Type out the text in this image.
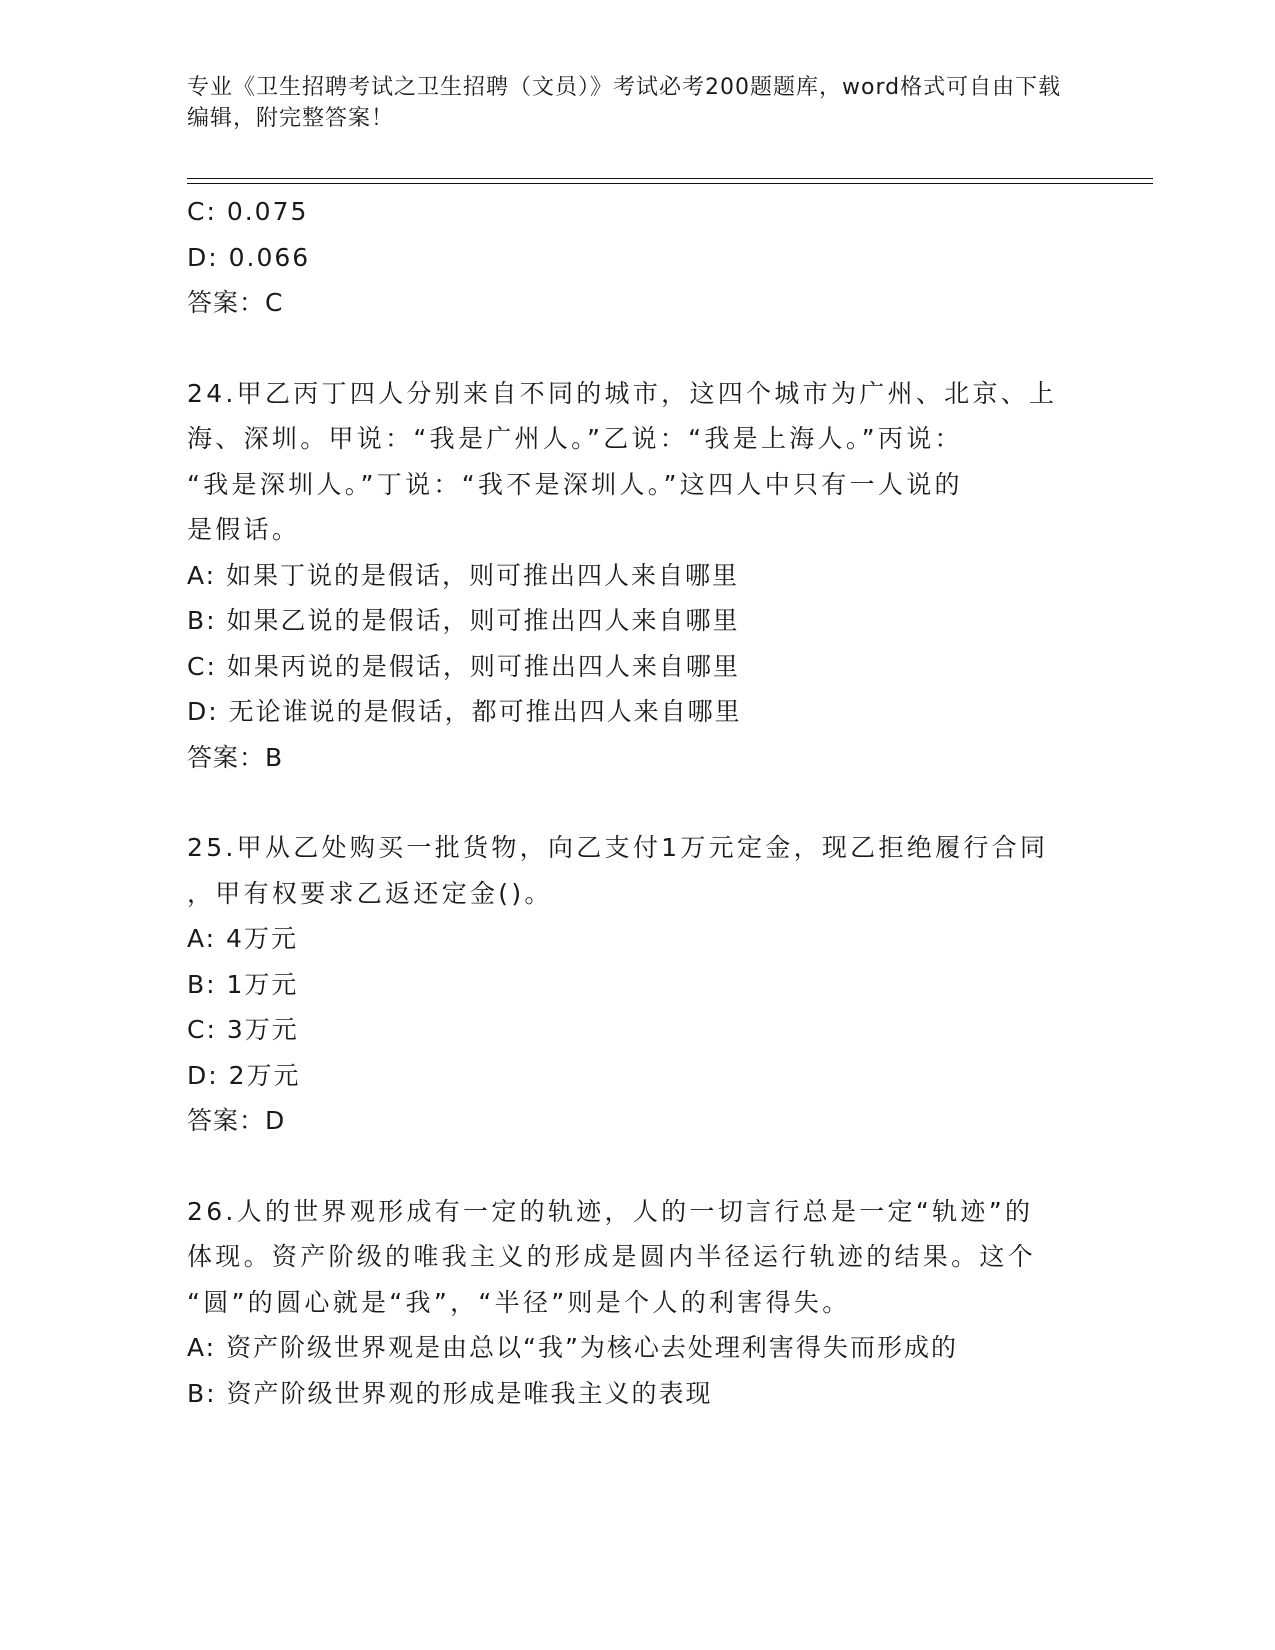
专业《卫生招聘考试之卫生招聘（文员）》考试必考200题题库，word格式可自由下载编辑，附完整答案！
C: 0.075
D: 0.066
答案：C
24.甲乙丙丁四人分别来自不同的城市，这四个城市为广州、北京、上
海、深圳。甲说：“我是广州人。”乙说：“我是上海人。”丙说：
“我是深圳人。”丁说：“我不是深圳人。”这四人中只有一人说的
是假话。
A: 如果丁说的是假话，则可推出四人来自哪里
B: 如果乙说的是假话，则可推出四人来自哪里
C: 如果丙说的是假话，则可推出四人来自哪里
D: 无论谁说的是假话，都可推出四人来自哪里
答案：B
25.甲从乙处购买一批货物，向乙支付1万元定金，现乙拒绝履行合同
，甲有权要求乙返还定金()。
A: 4万元
B: 1万元
C: 3万元
D: 2万元
答案：D
26.人的世界观形成有一定的轨迹，人的一切言行总是一定“轨迹”的
体现。资产阶级的唯我主义的形成是圆内半径运行轨迹的结果。这个
“圆”的圆心就是“我”，“半径”则是个人的利害得失。
A: 资产阶级世界观是由总以“我”为核心去处理利害得失而形成的
B: 资产阶级世界观的形成是唯我主义的表现
